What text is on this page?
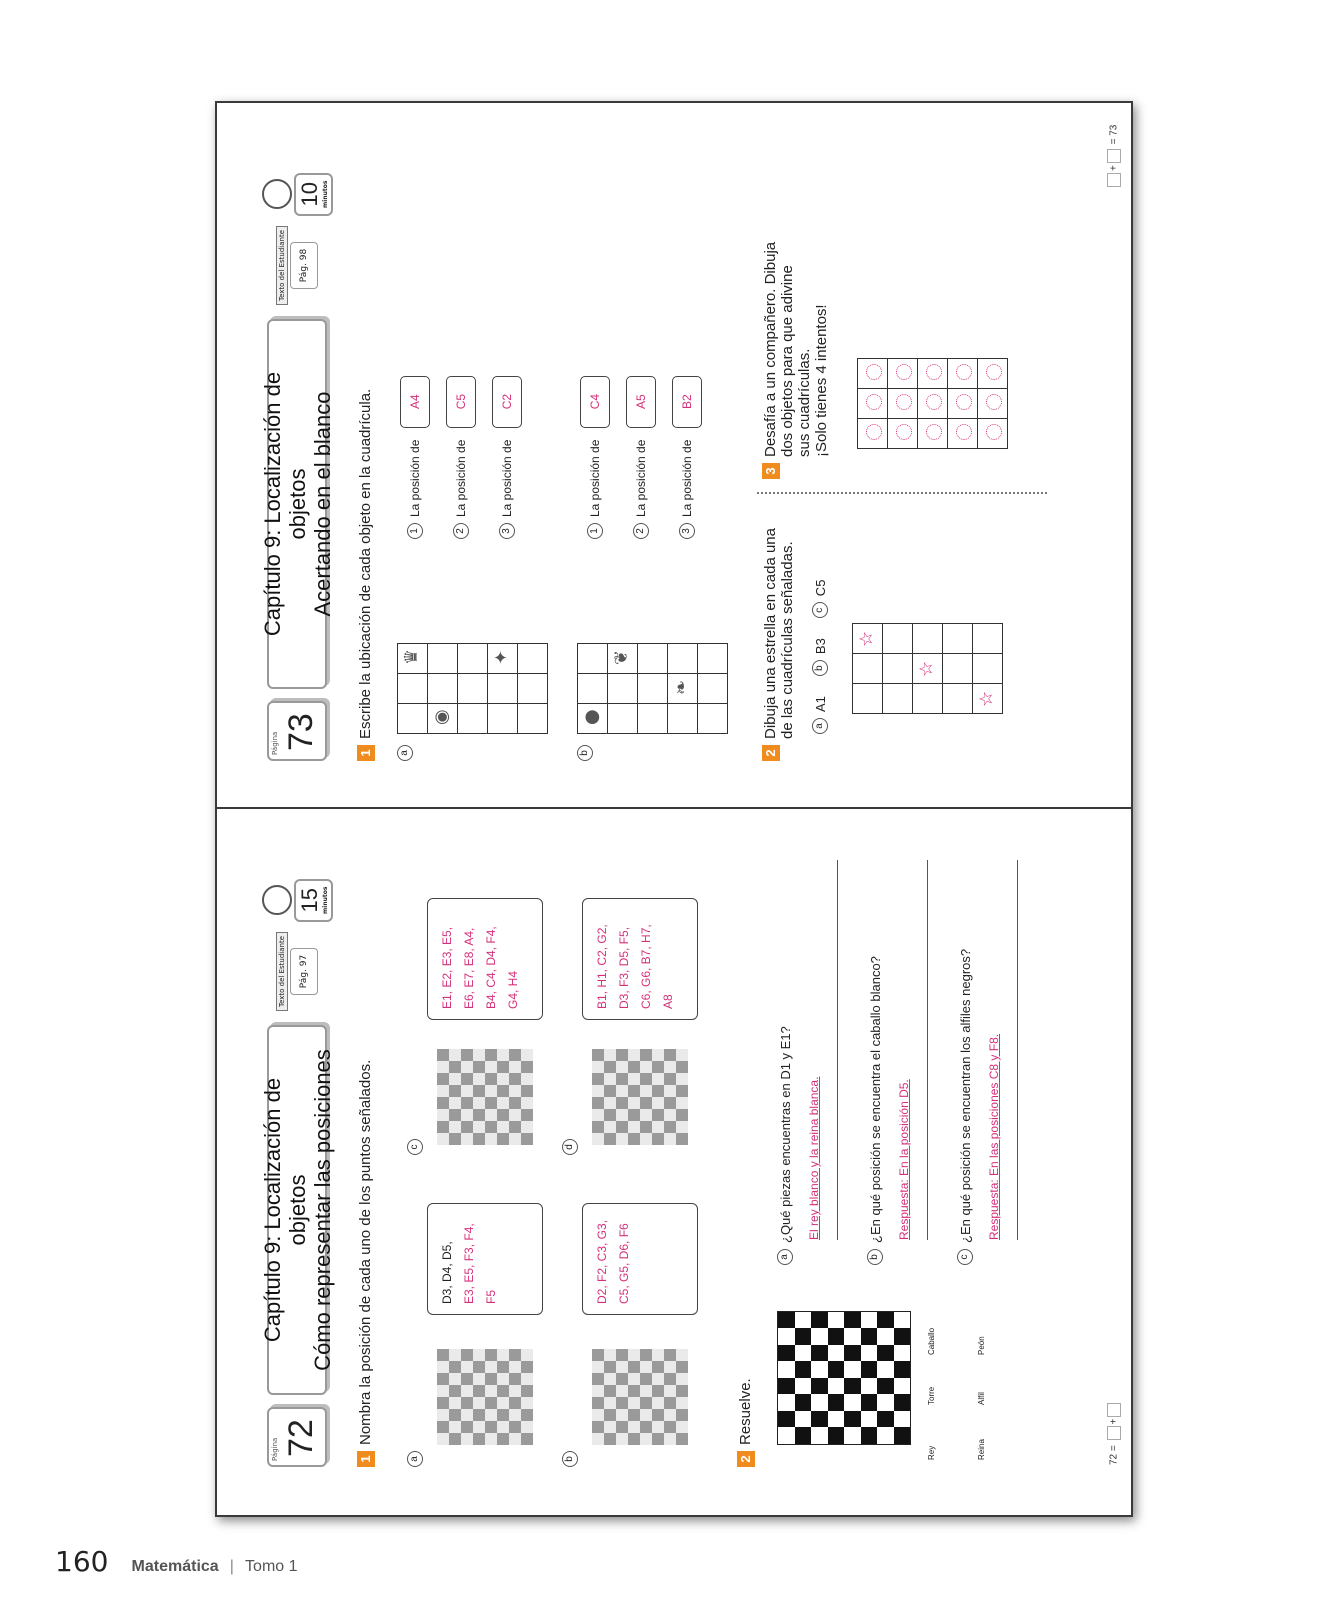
Página 72
Capítulo 9: Localización de objetos Cómo representar las posiciones
Texto del Estudiante	Pág. 97
15 minutos
1
Nombra la posición de cada uno de los puntos señalados.
a	b
D3, D4, D5, E3, E5, F3, F4, F5	D2, F2, C3, G3, C5, G5, D6, F6
c	d
E1, E2, E3, E5, E6, E7, E8, A4, B4, C4, D4, F4, G4, H4	B1, H1, C2, G2, D3, F3, D5, F5, C6, G6, B7, H7, A8
2
Resuelve.
Rey
Torre
Caballo
Reina
Alfil
Peón
a
¿Qué piezas encuentras en D1 y E1? El rey blanco y la reina blanca.
b
¿En qué posición se encuentra el caballo blanco? Respuesta: En la posición D5.
c
¿En qué posición se encuentran los alfiles negros? Respuesta: En las posiciones C8 y F8.
72 = +
Página 73
Capítulo 9: Localización de objetos Acertando en el blanco
Texto del Estudiante	Pág. 98
10 minutos
1
Escribe la ubicación de cada objeto en la cuadrícula.
a
◉
♛	✦
1
La posición de
A4
2
La posición de
C5
3
La posición de
C2
b
●
❦
❧
1
La posición de
C4
2
La posición de
A5
3
La posición de
B2
2
Dibuja una estrella en cada una de las cuadrículas señaladas. a
A1
b
B3
c
C5
☆
☆
☆
3
Desafía a un compañero. Dibuja dos objetos para que adivine sus cuadrículas. ¡Solo tienes 4 intentos!
+ = 73
160 Matemática | Tomo 1
